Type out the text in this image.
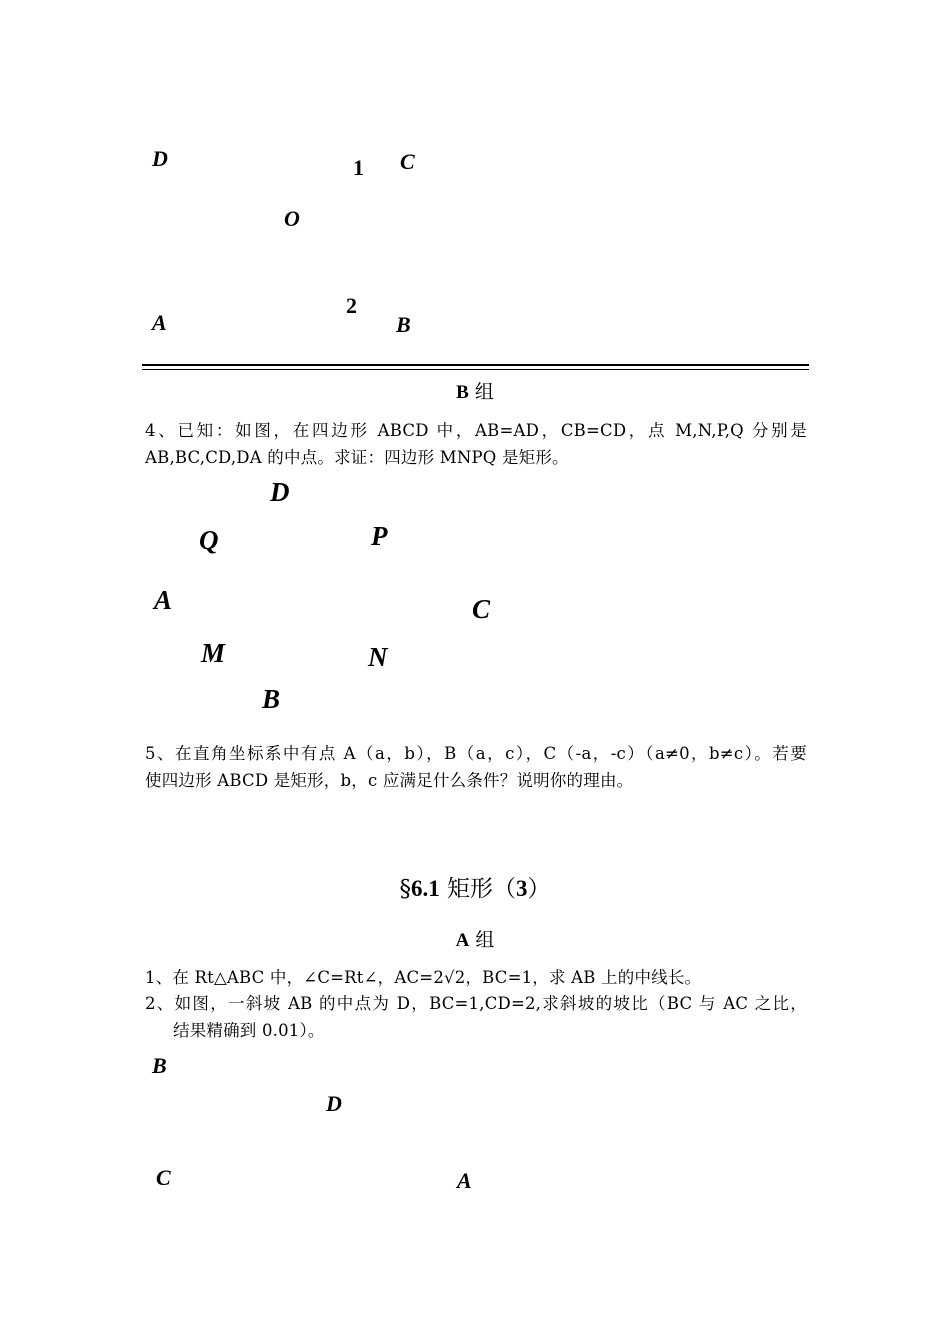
D	1 C
O
2
A	B
B 组
4、已知：如图，在四边形 ABCD 中，AB=AD，CB=CD，点 M,N,P,Q 分别是
AB,BC,CD,DA 的中点。求证：四边形 MNPQ 是矩形。
D
Q	P
A	C
M	N
B
5、在直角坐标系中有点 A（a，b），B（a，c），C（-a，-c）（a≠0，b≠c）。若要
使四边形 ABCD 是矩形，b，c 应满足什么条件？说明你的理由。
§6.1 矩形（3）
A 组
1、在 Rt△ABC 中，∠C=Rt∠，AC=2√2，BC=1，求 AB 上的中线长。
2、如图，一斜坡 AB 的中点为 D，BC=1,CD=2,求斜坡的坡比（BC 与 AC 之比，
结果精确到 0.01）。
B
D
C	A
